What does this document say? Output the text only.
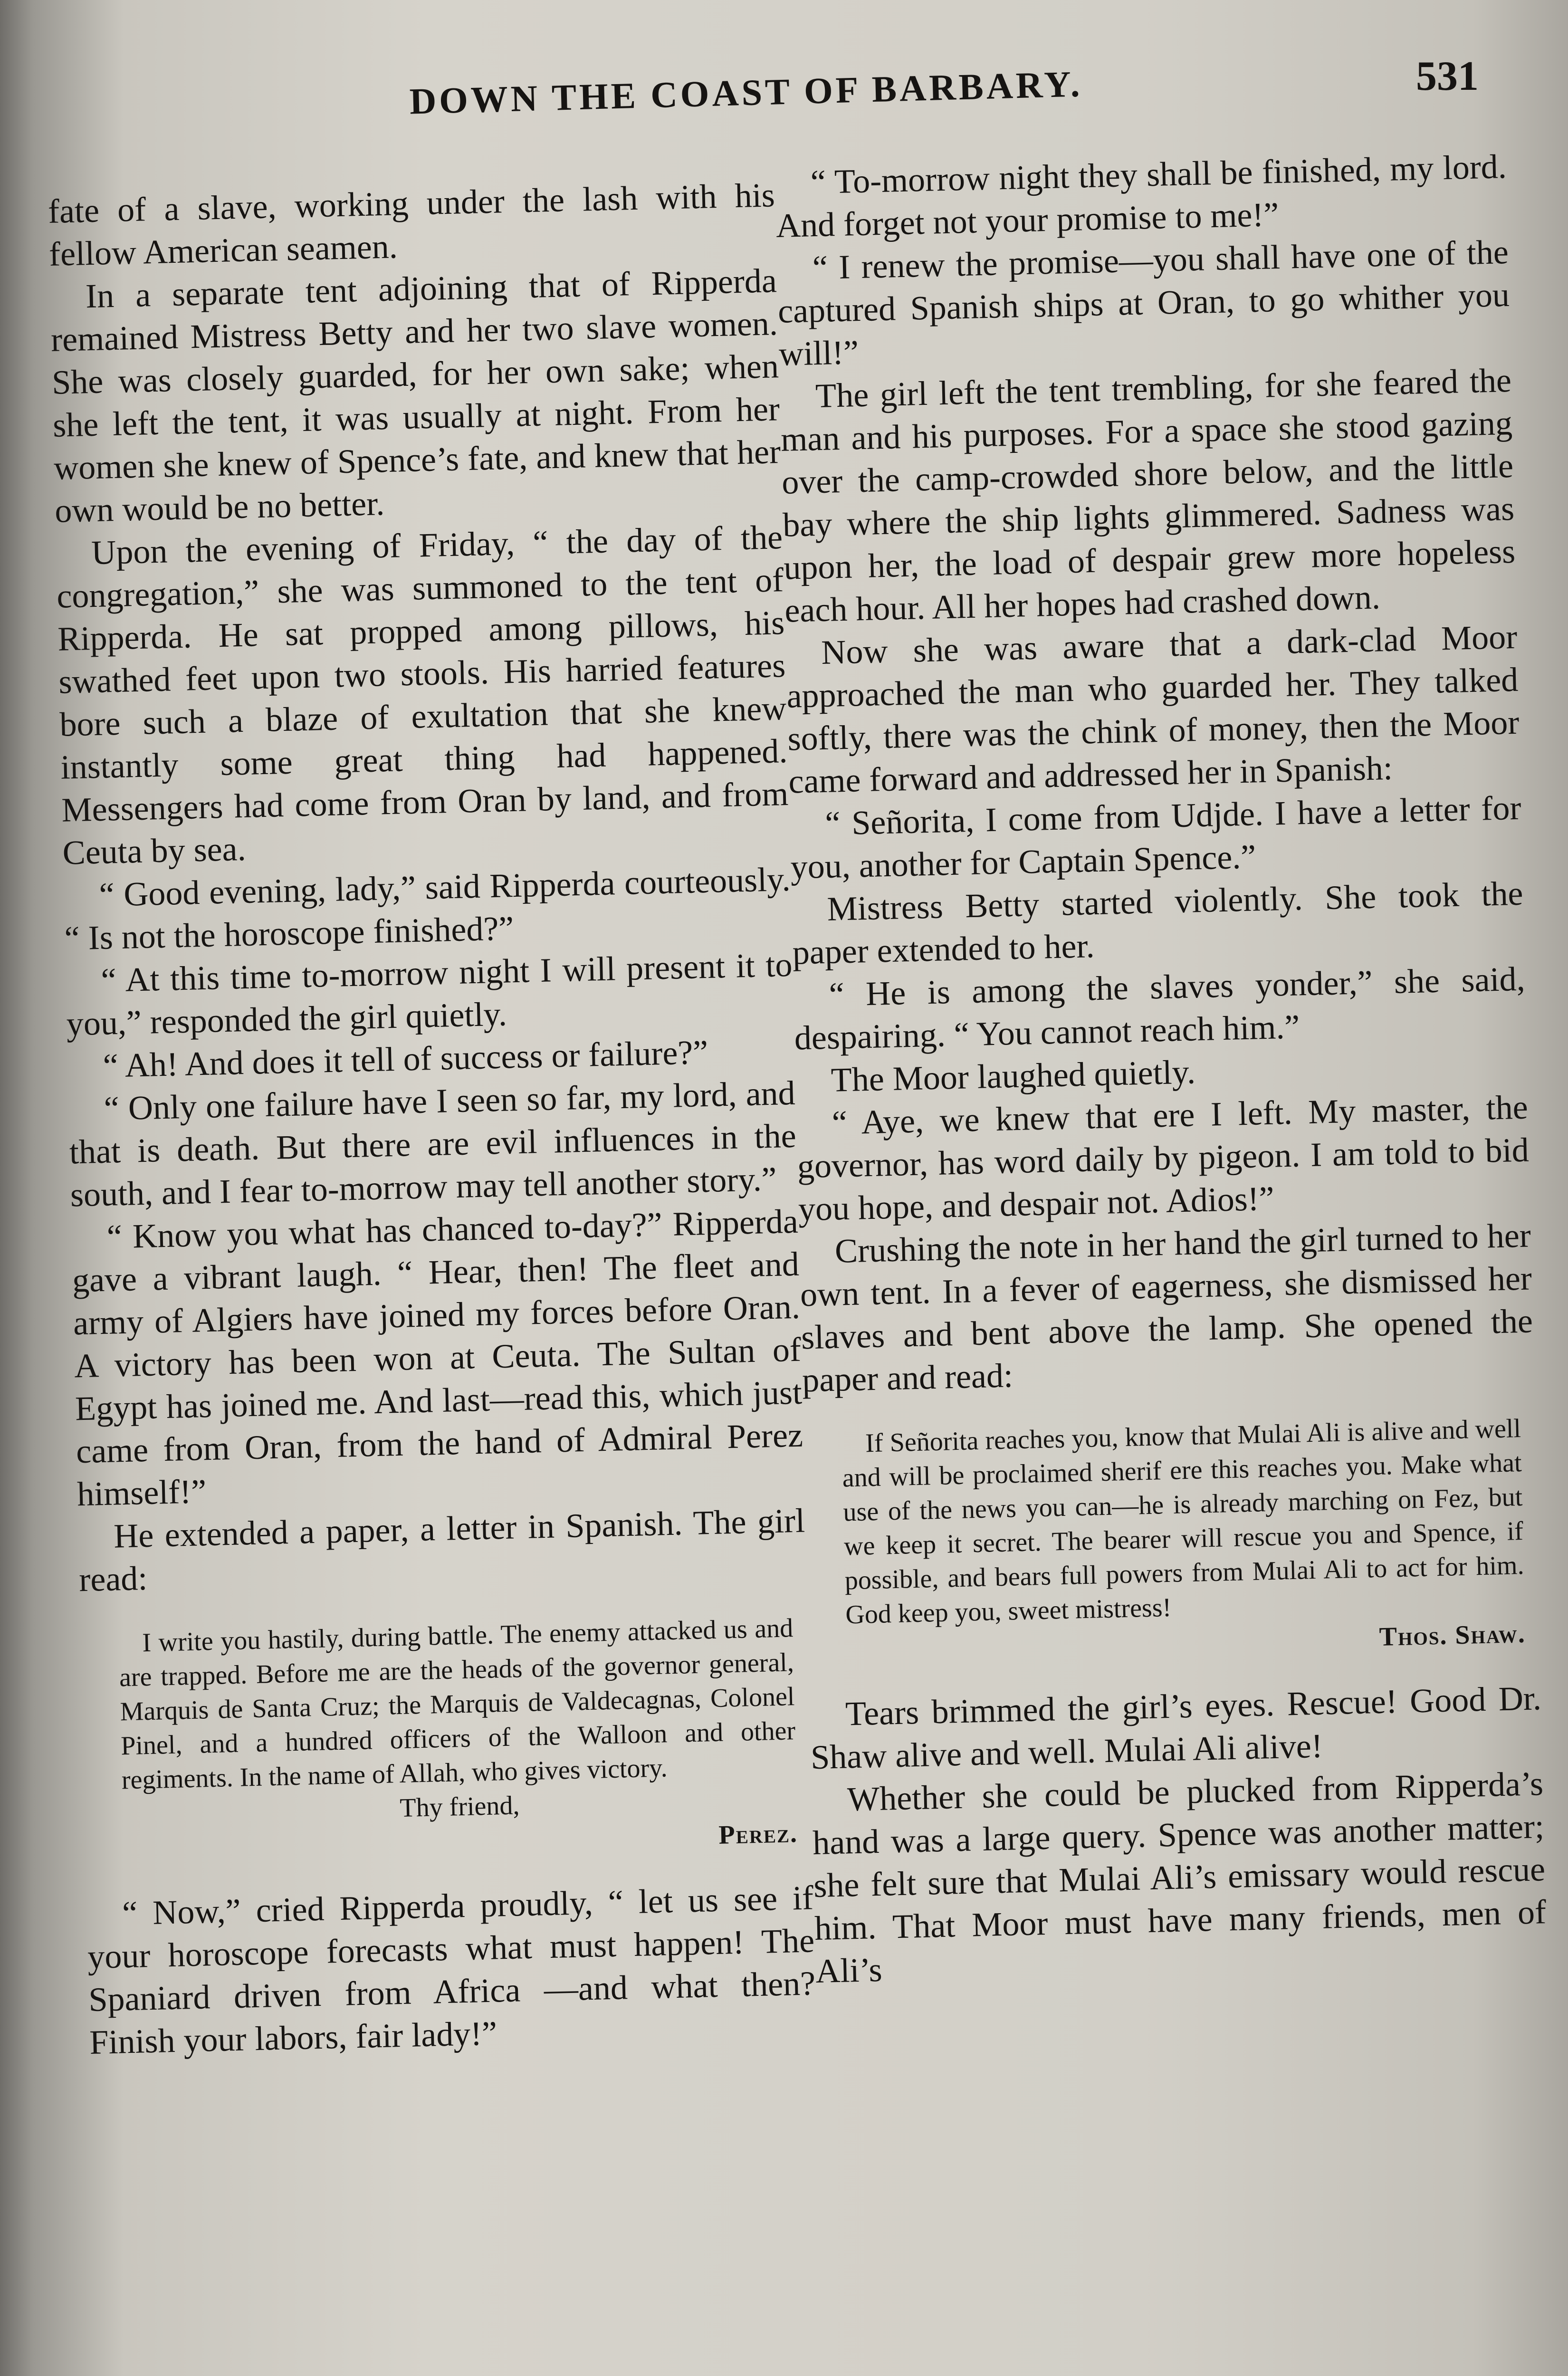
DOWN THE COAST OF BARBARY.	531

fate of a slave, working under the lash with his fellow American seamen.

In a separate tent adjoining that of Ripperda remained Mistress Betty and her two slave women. She was closely guarded, for her own sake; when she left the tent, it was usually at night. From her women she knew of Spence’s fate, and knew that her own would be no better.

Upon the evening of Friday, “ the day of the congregation,” she was summoned to the tent of Ripperda. He sat propped among pillows, his swathed feet upon two stools. His harried features bore such a blaze of exultation that she knew instantly some great thing had happened. Messengers had come from Oran by land, and from Ceuta by sea.

“ Good evening, lady,” said Ripperda courteously. “ Is not the horoscope finished?”

“ At this time to-morrow night I will present it to you,” responded the girl quietly.

“ Ah! And does it tell of success or failure?”

“ Only one failure have I seen so far, my lord, and that is death. But there are evil influences in the south, and I fear to-morrow may tell another story.”

“ Know you what has chanced to-day?” Ripperda gave a vibrant laugh. “ Hear, then! The fleet and army of Algiers have joined my forces before Oran. A victory has been won at Ceuta. The Sultan of Egypt has joined me. And last—read this, which just came from Oran, from the hand of Admiral Perez himself!”

He extended a paper, a letter in Spanish. The girl read:

I write you hastily, during battle. The enemy attacked us and are trapped. Before me are the heads of the governor general, Marquis de Santa Cruz; the Marquis de Valdecagnas, Colonel Pinel, and a hundred officers of the Walloon and other regiments. In the name of Allah, who gives victory.

Thy friend,

Perez.

“ Now,” cried Ripperda proudly, “ let us see if your horoscope forecasts what must happen! The Spaniard driven from Africa —and what then? Finish your labors, fair lady!”

“ To-morrow night they shall be finished, my lord. And forget not your promise to me!”

“ I renew the promise—you shall have one of the captured Spanish ships at Oran, to go whither you will!”

The girl left the tent trembling, for she feared the man and his purposes. For a space she stood gazing over the camp-crowded shore below, and the little bay where the ship lights glimmered. Sadness was upon her, the load of despair grew more hopeless each hour. All her hopes had crashed down.

Now she was aware that a dark-clad Moor approached the man who guarded her. They talked softly, there was the chink of money, then the Moor came forward and addressed her in Spanish:

“ Señorita, I come from Udjde. I have a letter for you, another for Captain Spence.”

Mistress Betty started violently. She took the paper extended to her.

“ He is among the slaves yonder,” she said, despairing. “ You cannot reach him.”

The Moor laughed quietly.

“ Aye, we knew that ere I left. My master, the governor, has word daily by pigeon. I am told to bid you hope, and despair not. Adios!”

Crushing the note in her hand the girl turned to her own tent. In a fever of eagerness, she dismissed her slaves and bent above the lamp. She opened the paper and read:

If Señorita reaches you, know that Mulai Ali is alive and well and will be proclaimed sherif ere this reaches you. Make what use of the news you can—he is already marching on Fez, but we keep it secret. The bearer will rescue you and Spence, if possible, and bears full powers from Mulai Ali to act for him. God keep you, sweet mistress!

Thos. Shaw.

Tears brimmed the girl’s eyes. Rescue! Good Dr. Shaw alive and well. Mulai Ali alive!

Whether she could be plucked from Ripperda’s hand was a large query. Spence was another matter; she felt sure that Mulai Ali’s emissary would rescue him. That Moor must have many friends, men of Ali’s
